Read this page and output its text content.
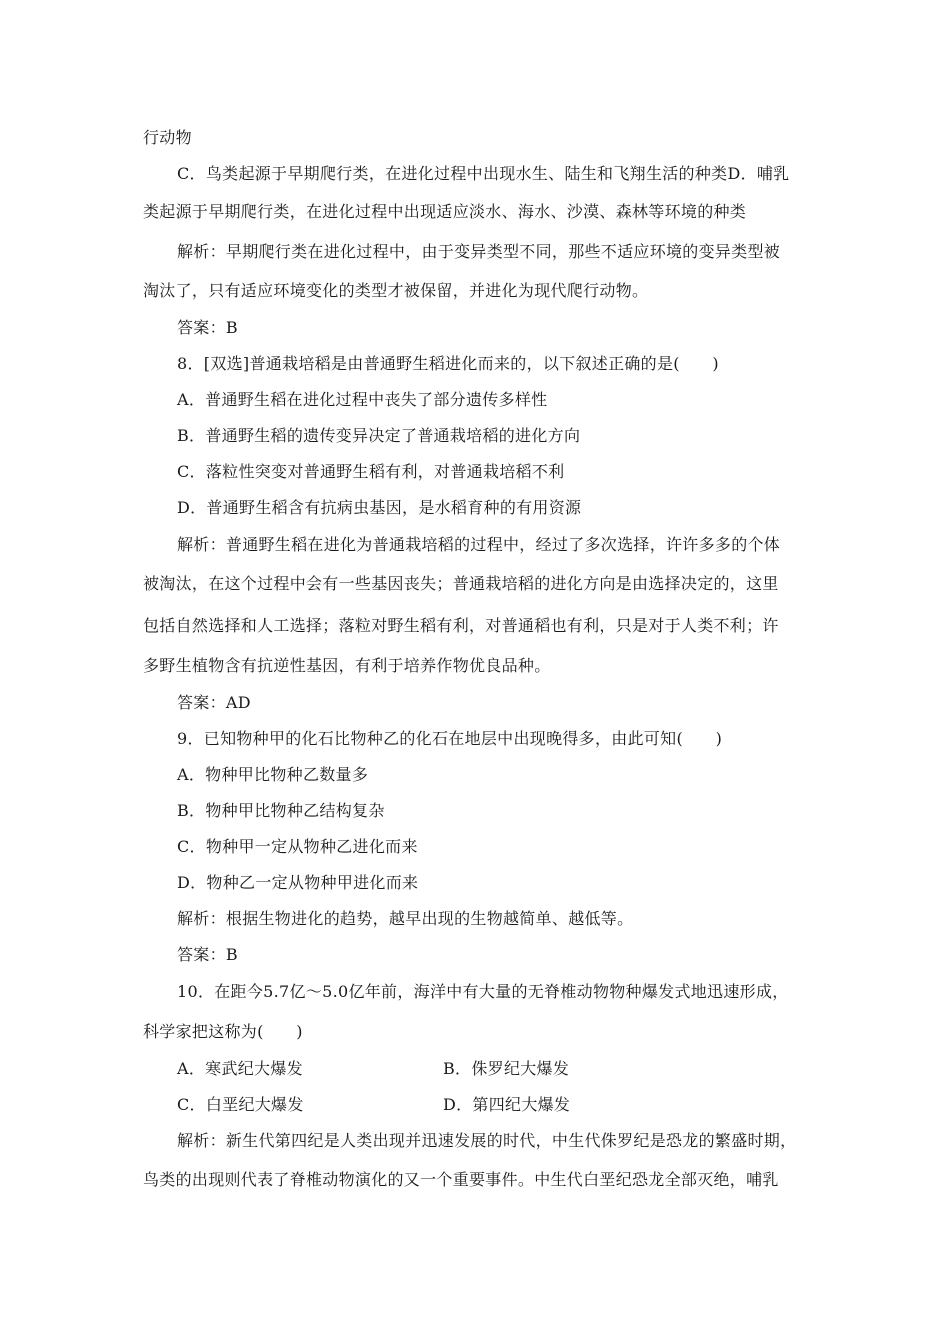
行动物
C．鸟类起源于早期爬行类，在进化过程中出现水生、陆生和飞翔生活的种类D．哺乳
类起源于早期爬行类，在进化过程中出现适应淡水、海水、沙漠、森林等环境的种类
解析：早期爬行类在进化过程中，由于变异类型不同，那些不适应环境的变异类型被
淘汰了，只有适应环境变化的类型才被保留，并进化为现代爬行动物。
答案：B
8．[双选]普通栽培稻是由普通野生稻进化而来的，以下叙述正确的是(　　)
A．普通野生稻在进化过程中丧失了部分遗传多样性
B．普通野生稻的遗传变异决定了普通栽培稻的进化方向
C．落粒性突变对普通野生稻有利，对普通栽培稻不利
D．普通野生稻含有抗病虫基因，是水稻育种的有用资源
解析：普通野生稻在进化为普通栽培稻的过程中，经过了多次选择，许许多多的个体
被淘汰，在这个过程中会有一些基因丧失；普通栽培稻的进化方向是由选择决定的，这里
包括自然选择和人工选择；落粒对野生稻有利，对普通稻也有利，只是对于人类不利；许
多野生植物含有抗逆性基因，有利于培养作物优良品种。
答案：AD
9．已知物种甲的化石比物种乙的化石在地层中出现晚得多，由此可知(　　)
A．物种甲比物种乙数量多
B．物种甲比物种乙结构复杂
C．物种甲一定从物种乙进化而来
D．物种乙一定从物种甲进化而来
解析：根据生物进化的趋势，越早出现的生物越简单、越低等。
答案：B
10．在距今5.7亿～5.0亿年前，海洋中有大量的无脊椎动物物种爆发式地迅速形成，
科学家把这称为(　　)
A．寒武纪大爆发	B．侏罗纪大爆发
C．白垩纪大爆发	D．第四纪大爆发
解析：新生代第四纪是人类出现并迅速发展的时代，中生代侏罗纪是恐龙的繁盛时期，
鸟类的出现则代表了脊椎动物演化的又一个重要事件。中生代白垩纪恐龙全部灭绝，哺乳
